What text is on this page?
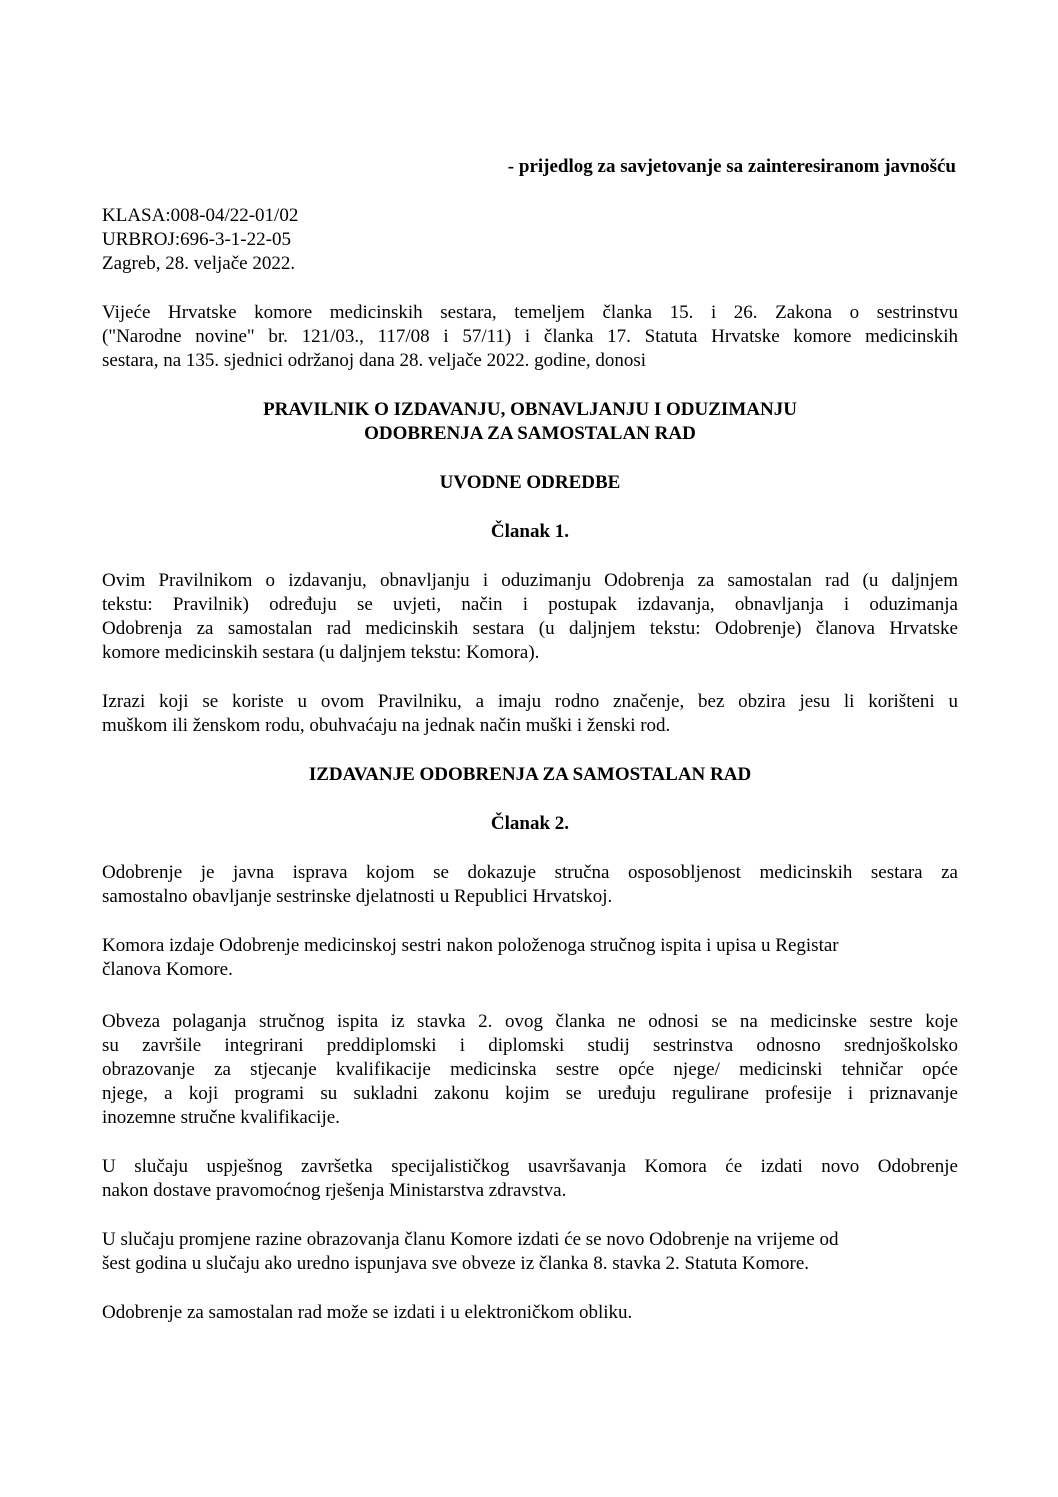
- prijedlog za savjetovanje sa zainteresiranom javnošću

KLASA:008-04/22-01/02

URBROJ:696-3-1-22-05

Zagreb, 28. veljače 2022.

Vijeće Hrvatske komore medicinskih sestara, temeljem članka 15. i 26. Zakona o sestrinstvu

("Narodne novine" br. 121/03., 117/08 i 57/11) i članka 17. Statuta Hrvatske komore medicinskih

sestara, na 135. sjednici održanoj dana 28. veljače 2022. godine, donosi

PRAVILNIK O IZDAVANJU, OBNAVLJANJU I ODUZIMANJU

ODOBRENJA ZA SAMOSTALAN RAD

UVODNE ODREDBE

Članak 1.

Ovim Pravilnikom o izdavanju, obnavljanju i oduzimanju Odobrenja za samostalan rad (u daljnjem

tekstu: Pravilnik) određuju se uvjeti, način i postupak izdavanja, obnavljanja i oduzimanja

Odobrenja za samostalan rad medicinskih sestara (u daljnjem tekstu: Odobrenje) članova Hrvatske

komore medicinskih sestara (u daljnjem tekstu: Komora).

Izrazi koji se koriste u ovom Pravilniku, a imaju rodno značenje, bez obzira jesu li korišteni u

muškom ili ženskom rodu, obuhvaćaju na jednak način muški i ženski rod.

IZDAVANJE ODOBRENJA ZA SAMOSTALAN RAD

Članak 2.

Odobrenje je javna isprava kojom se dokazuje stručna osposobljenost medicinskih sestara za

samostalno obavljanje sestrinske djelatnosti u Republici Hrvatskoj.

Komora izdaje Odobrenje medicinskoj sestri nakon položenoga stručnog ispita i upisa u Registar

članova Komore.

Obveza polaganja stručnog ispita iz stavka 2. ovog članka ne odnosi se na medicinske sestre koje

su završile integrirani preddiplomski i diplomski studij sestrinstva odnosno srednjoškolsko

obrazovanje za stjecanje kvalifikacije medicinska sestre opće njege/ medicinski tehničar opće

njege, a koji programi su sukladni zakonu kojim se uređuju regulirane profesije i priznavanje

inozemne stručne kvalifikacije.

U slučaju uspješnog završetka specijalističkog usavršavanja Komora će izdati novo Odobrenje

nakon dostave pravomoćnog rješenja Ministarstva zdravstva.

U slučaju promjene razine obrazovanja članu Komore izdati će se novo Odobrenje na vrijeme od

šest godina u slučaju ako uredno ispunjava sve obveze iz članka 8. stavka 2. Statuta Komore.

Odobrenje za samostalan rad može se izdati i u elektroničkom obliku.
